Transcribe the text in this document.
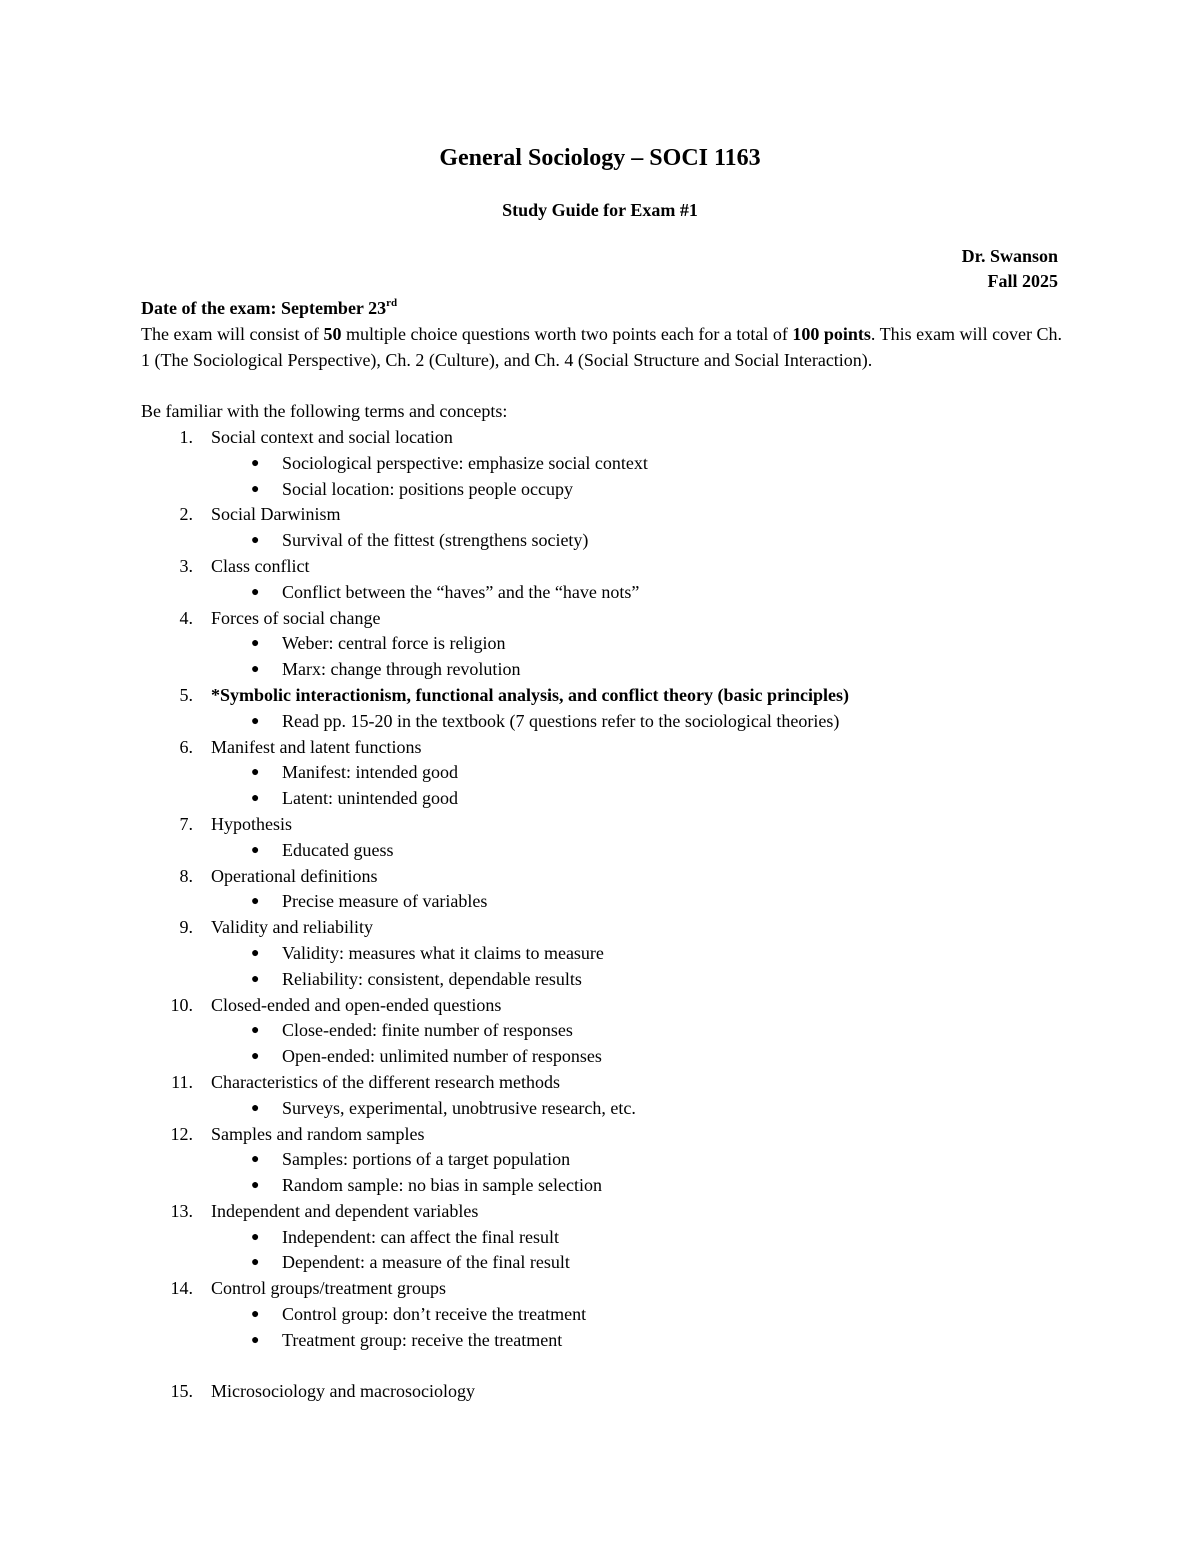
General Sociology – SOCI 1163
Study Guide for Exam #1
Dr. Swanson
Fall 2025
Date of the exam: September 23rd

The exam will consist of 50 multiple choice questions worth two points each for a total of 100 points. This exam will cover Ch. 1 (The Sociological Perspective), Ch. 2 (Culture), and Ch. 4 (Social Structure and Social Interaction).

Be familiar with the following terms and concepts:
1. Social context and social location
● Sociological perspective: emphasize social context
● Social location: positions people occupy
2. Social Darwinism
● Survival of the fittest (strengthens society)
3. Class conflict
● Conflict between the “haves” and the “have nots”
4. Forces of social change
● Weber: central force is religion
● Marx: change through revolution
5. *Symbolic interactionism, functional analysis, and conflict theory (basic principles)
● Read pp. 15-20 in the textbook (7 questions refer to the sociological theories)
6. Manifest and latent functions
● Manifest: intended good
● Latent: unintended good
7. Hypothesis
● Educated guess
8. Operational definitions
● Precise measure of variables
9. Validity and reliability
● Validity: measures what it claims to measure
● Reliability: consistent, dependable results
10. Closed-ended and open-ended questions
● Close-ended: finite number of responses
● Open-ended: unlimited number of responses
11. Characteristics of the different research methods
● Surveys, experimental, unobtrusive research, etc.
12. Samples and random samples
● Samples: portions of a target population
● Random sample: no bias in sample selection
13. Independent and dependent variables
● Independent: can affect the final result
● Dependent: a measure of the final result
14. Control groups/treatment groups
● Control group: don’t receive the treatment
● Treatment group: receive the treatment
15. Microsociology and macrosociology
